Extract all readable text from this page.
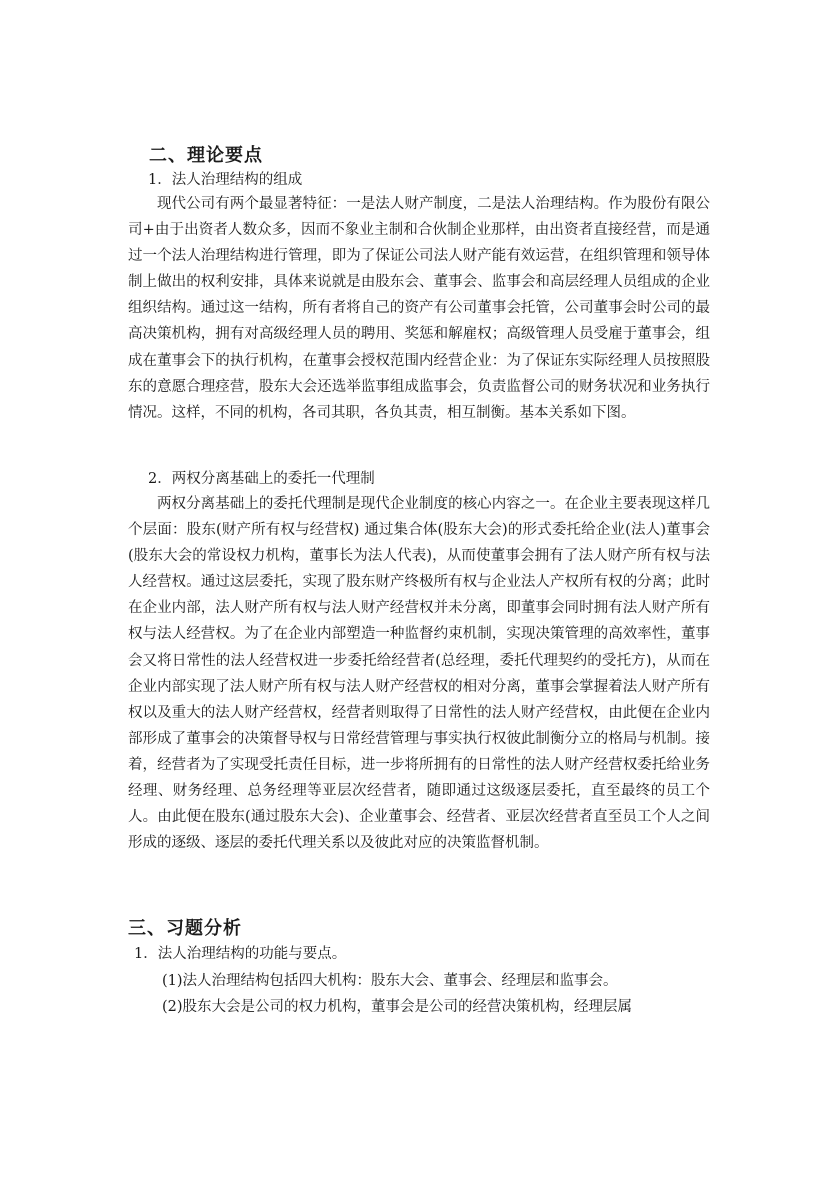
二、理论要点
1．法人治理结构的组成

现代公司有两个最显著特征：一是法人财产制度，二是法人治理结构。作为股份有限公司+由于出资者人数众多，因而不象业主制和合伙制企业那样，由出资者直接经营，而是通过一个法人治理结构进行管理，即为了保证公司法人财产能有效运营，在组织管理和领导体制上做出的权利安排，具体来说就是由股东会、董事会、监事会和高层经理人员组成的企业组织结构。通过这一结构，所有者将自己的资产有公司董事会托管，公司董事会时公司的最高决策机构，拥有对高级经理人员的聘用、奖惩和解雇权；高级管理人员受雇于董事会，组成在董事会下的执行机构，在董事会授权范围内经营企业：为了保证东实际经理人员按照股东的意愿合理痉营，股东大会还选举监事组成监事会，负责监督公司的财务状况和业务执行情况。这样，不同的机构，各司其职，各负其责，相互制衡。基本关系如下图。

2．两权分离基础上的委托一代理制

两权分离基础上的委托代理制是现代企业制度的核心内容之一。在企业主要表现这样几个层面：股东(财产所有权与经营权) 通过集合体(股东大会)的形式委托给企业(法人)董事会(股东大会的常设权力机构，董事长为法人代表)，从而使董事会拥有了法人财产所有权与法人经营权。通过这层委托，实现了股东财产终极所有权与企业法人产权所有权的分离；此时在企业内部，法人财产所有权与法人财产经营权并未分离，即董事会同时拥有法人财产所有权与法人经营权。为了在企业内部塑造一种监督约束机制，实现决策管理的高效率性，董事会又将日常性的法人经营权进一步委托给经营者(总经理，委托代理契约的受托方)，从而在企业内部实现了法人财产所有权与法人财产经营权的相对分离，董事会掌握着法人财产所有权以及重大的法人财产经营权，经营者则取得了日常性的法人财产经营权，由此便在企业内部形成了董事会的决策督导权与日常经营管理与事实执行权彼此制衡分立的格局与机制。接着，经营者为了实现受托责任目标，进一步将所拥有的日常性的法人财产经营权委托给业务经理、财务经理、总务经理等亚层次经营者，随即通过这级逐层委托，直至最终的员工个人。由此便在股东(通过股东大会)、企业董事会、经营者、亚层次经营者直至员工个人之间形成的逐级、逐层的委托代理关系以及彼此对应的决策监督机制。

三、习题分析
1．法人治理结构的功能与要点。
(1)法人治理结构包括四大机构：股东大会、董事会、经理层和监事会。
(2)股东大会是公司的权力机构，董事会是公司的经营决策机构，经理层属
